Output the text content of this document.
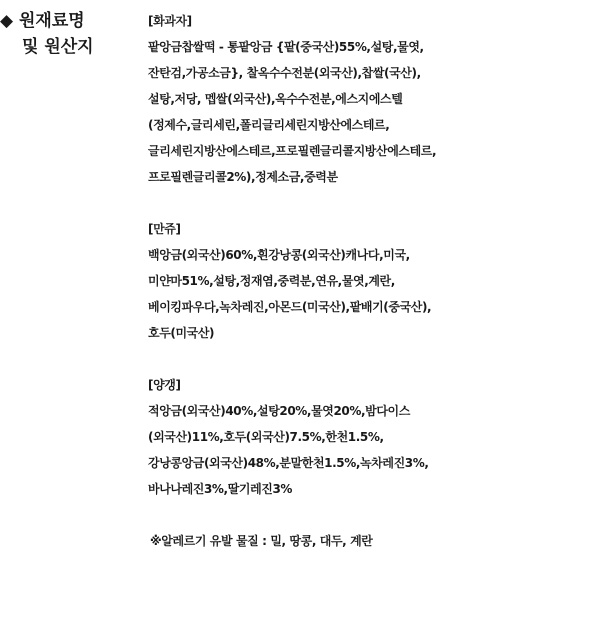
◆ 원재료명
및 원산지
[화과자]
팥앙금찹쌀떡 - 통팥앙금 {팥(중국산)55%,설탕,물엿,
잔탄검,가공소금}, 찰옥수수전분(외국산),찹쌀(국산),
설탕,저당, 멥쌀(외국산),옥수수전분,에스지에스텔
(정제수,글리세린,폴리글리세린지방산에스테르,
글리세린지방산에스테르,프로필렌글리콜지방산에스테르,
프로필렌글리콜2%),정제소금,중력분
[만쥬]
백앙금(외국산)60%,흰강낭콩(외국산)캐나다,미국,
미얀마51%,설탕,정재염,중력분,연유,물엿,계란,
베이킹파우다,녹차레진,아몬드(미국산),팥배기(중국산),
호두(미국산)
[양갱]
적앙금(외국산)40%,설탕20%,물엿20%,밤다이스
(외국산)11%,호두(외국산)7.5%,한천1.5%,
강낭콩앙금(외국산)48%,분말한천1.5%,녹차레진3%,
바나나레진3%,딸기레진3%
※알레르기 유발 물질 : 밀, 땅콩, 대두, 계란
